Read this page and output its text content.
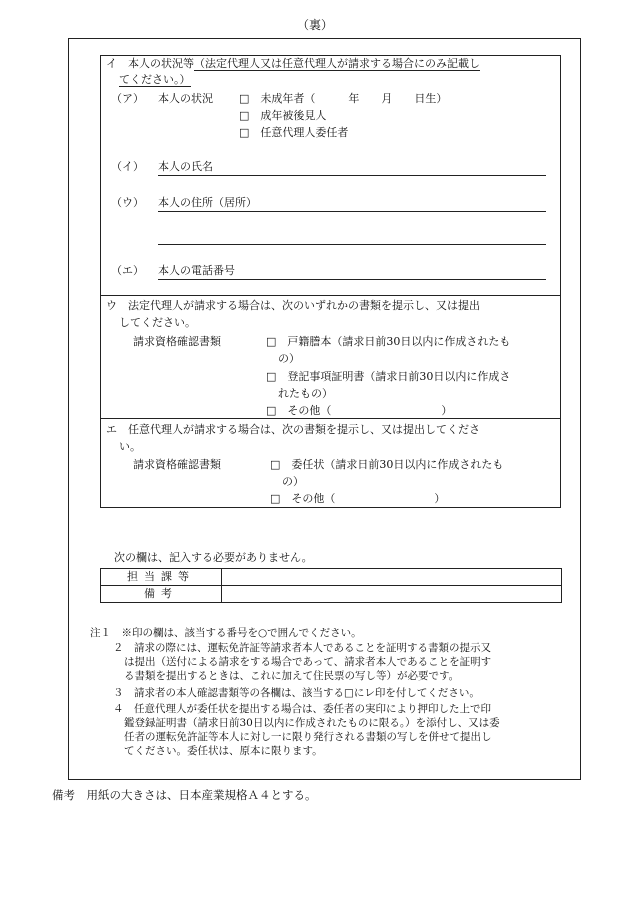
（裏）
イ　本人の状況等（法定代理人又は任意代理人が請求する場合にのみ記載し
てください。）
（ア） 本人の状況 □　未成年者（　　　年　　月　　日生）
□　成年被後見人
□　任意代理人委任者
（イ） 本人の氏名
（ウ） 本人の住所（居所）
（エ） 本人の電話番号
ウ　法定代理人が請求する場合は、次のいずれかの書類を提示し、又は提出
してください。
請求資格確認書類	□　戸籍謄本（請求日前30日以内に作成されたも
の）
□　登記事項証明書（請求日前30日以内に作成さ
れたもの）
□　その他（　　　　　　　　　　）
エ　任意代理人が請求する場合は、次の書類を提示し、又は提出してくださ
い。
請求資格確認書類	□　委任状（請求日前30日以内に作成されたも
の）
□　その他（　　　　　　　　　）
次の欄は、記入する必要がありません。
担当課等	
備考	
注１　※印の欄は、該当する番号を○で囲んでください。
２　請求の際には、運転免許証等請求者本人であることを証明する書類の提示又
は提出（送付による請求をする場合であって、請求者本人であることを証明す
る書類を提出するときは、これに加えて住民票の写し等）が必要です。
３　請求者の本人確認書類等の各欄は、該当する□にレ印を付してください。
４　任意代理人が委任状を提出する場合は、委任者の実印により押印した上で印
鑑登録証明書（請求日前30日以内に作成されたものに限る。）を添付し、又は委
任者の運転免許証等本人に対し一に限り発行される書類の写しを併せて提出し
てください。委任状は、原本に限ります。
備考　用紙の大きさは、日本産業規格Ａ４とする。
